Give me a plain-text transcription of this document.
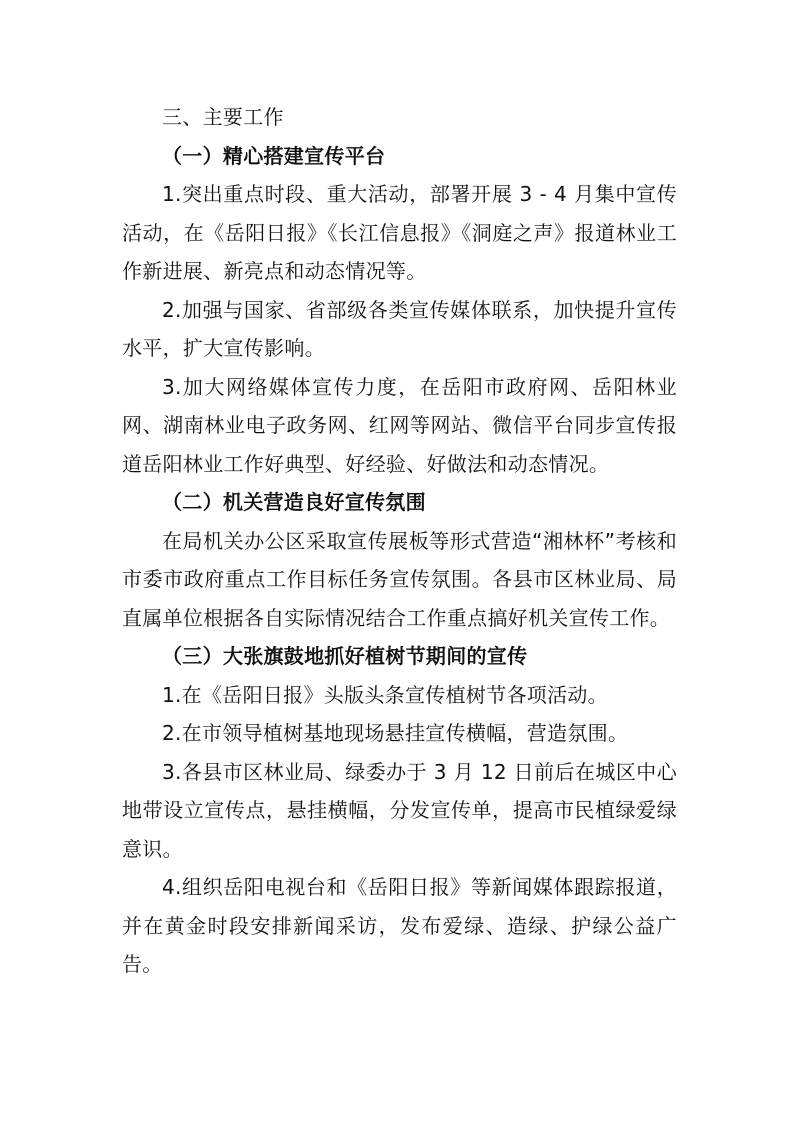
三、主要工作

（一）精心搭建宣传平台

1.突出重点时段、重大活动，部署开展 3 - 4 月集中宣传活动，在《岳阳日报》《长江信息报》《洞庭之声》报道林业工作新进展、新亮点和动态情况等。

2.加强与国家、省部级各类宣传媒体联系，加快提升宣传水平，扩大宣传影响。

3.加大网络媒体宣传力度，在岳阳市政府网、岳阳林业网、湖南林业电子政务网、红网等网站、微信平台同步宣传报道岳阳林业工作好典型、好经验、好做法和动态情况。

（二）机关营造良好宣传氛围

在局机关办公区采取宣传展板等形式营造“湘林杯”考核和市委市政府重点工作目标任务宣传氛围。各县市区林业局、局直属单位根据各自实际情况结合工作重点搞好机关宣传工作。

（三）大张旗鼓地抓好植树节期间的宣传

1.在《岳阳日报》头版头条宣传植树节各项活动。

2.在市领导植树基地现场悬挂宣传横幅，营造氛围。

3.各县市区林业局、绿委办于 3 月 12 日前后在城区中心地带设立宣传点，悬挂横幅，分发宣传单，提高市民植绿爱绿意识。

4.组织岳阳电视台和《岳阳日报》等新闻媒体跟踪报道，并在黄金时段安排新闻采访，发布爱绿、造绿、护绿公益广告。
